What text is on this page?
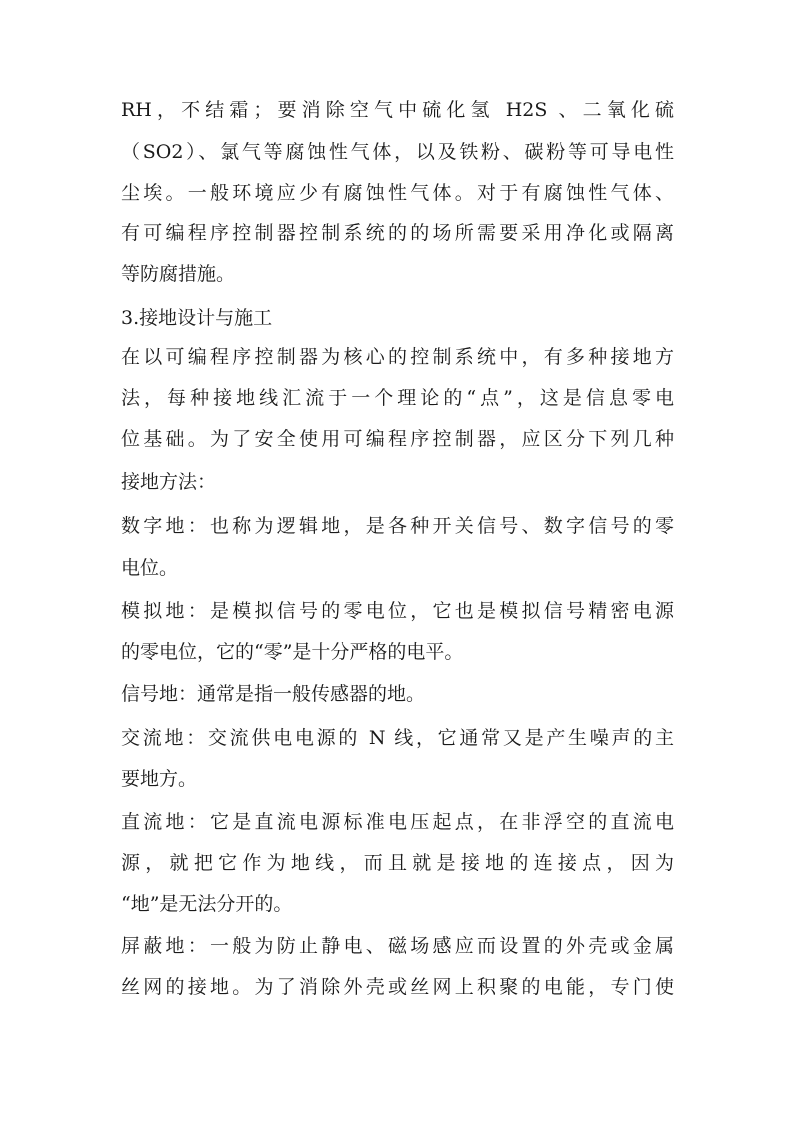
RH，不结霜；要消除空气中硫化氢 H2S 、二氧化硫
（SO2）、氯气等腐蚀性气体，以及铁粉、碳粉等可导电性
尘埃。一般环境应少有腐蚀性气体。对于有腐蚀性气体、
有可编程序控制器控制系统的的场所需要采用净化或隔离
等防腐措施。
3.接地设计与施工
在以可编程序控制器为核心的控制系统中，有多种接地方
法，每种接地线汇流于一个理论的“点”，这是信息零电
位基础。为了安全使用可编程序控制器，应区分下列几种
接地方法：
数字地：也称为逻辑地，是各种开关信号、数字信号的零
电位。
模拟地：是模拟信号的零电位，它也是模拟信号精密电源
的零电位，它的“零”是十分严格的电平。
信号地：通常是指一般传感器的地。
交流地：交流供电电源的 N 线，它通常又是产生噪声的主
要地方。
直流地：它是直流电源标准电压起点，在非浮空的直流电
源，就把它作为地线，而且就是接地的连接点，因为
“地”是无法分开的。
屏蔽地：一般为防止静电、磁场感应而设置的外壳或金属
丝网的接地。为了消除外壳或丝网上积聚的电能，专门使
